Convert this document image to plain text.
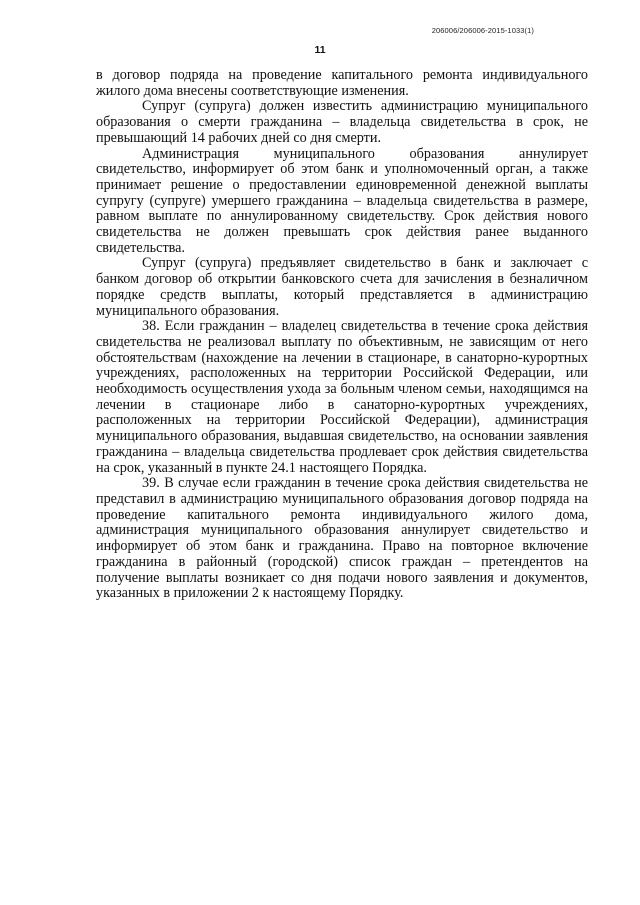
206006/206006-2015-1033(1)
11

в договор подряда на проведение капитального ремонта индивидуального жилого дома внесены соответствующие изменения.

Супруг (супруга) должен известить администрацию муниципального образования о смерти гражданина – владельца свидетельства в срок, не превышающий 14 рабочих дней со дня смерти.

Администрация муниципального образования аннулирует свидетельство, информирует об этом банк и уполномоченный орган, а также принимает решение о предоставлении единовременной денежной выплаты супругу (супруге) умершего гражданина – владельца свидетельства в размере, равном выплате по аннулированному свидетельству. Срок действия нового свидетельства не должен превышать срок действия ранее выданного свидетельства.

Супруг (супруга) предъявляет свидетельство в банк и заключает с банком договор об открытии банковского счета для зачисления в безналичном порядке средств выплаты, который представляется в администрацию муниципального образования.

38. Если гражданин – владелец свидетельства в течение срока действия свидетельства не реализовал выплату по объективным, не зависящим от него обстоятельствам (нахождение на лечении в стационаре, в санаторно-курортных учреждениях, расположенных на территории Российской Федерации, или необходимость осуществления ухода за больным членом семьи, находящимся на лечении в стационаре либо в санаторно-курортных учреждениях, расположенных на территории Российской Федерации), администрация муниципального образования, выдавшая свидетельство, на основании заявления гражданина – владельца свидетельства продлевает срок действия свидетельства на срок, указанный в пункте 24.1 настоящего Порядка.

39. В случае если гражданин в течение срока действия свидетельства не представил в администрацию муниципального образования договор подряда на проведение капитального ремонта индивидуального жилого дома, администрация муниципального образования аннулирует свидетельство и информирует об этом банк и гражданина. Право на повторное включение гражданина в районный (городской) список граждан – претендентов на получение выплаты возникает со дня подачи нового заявления и документов, указанных в приложении 2 к настоящему Порядку.
